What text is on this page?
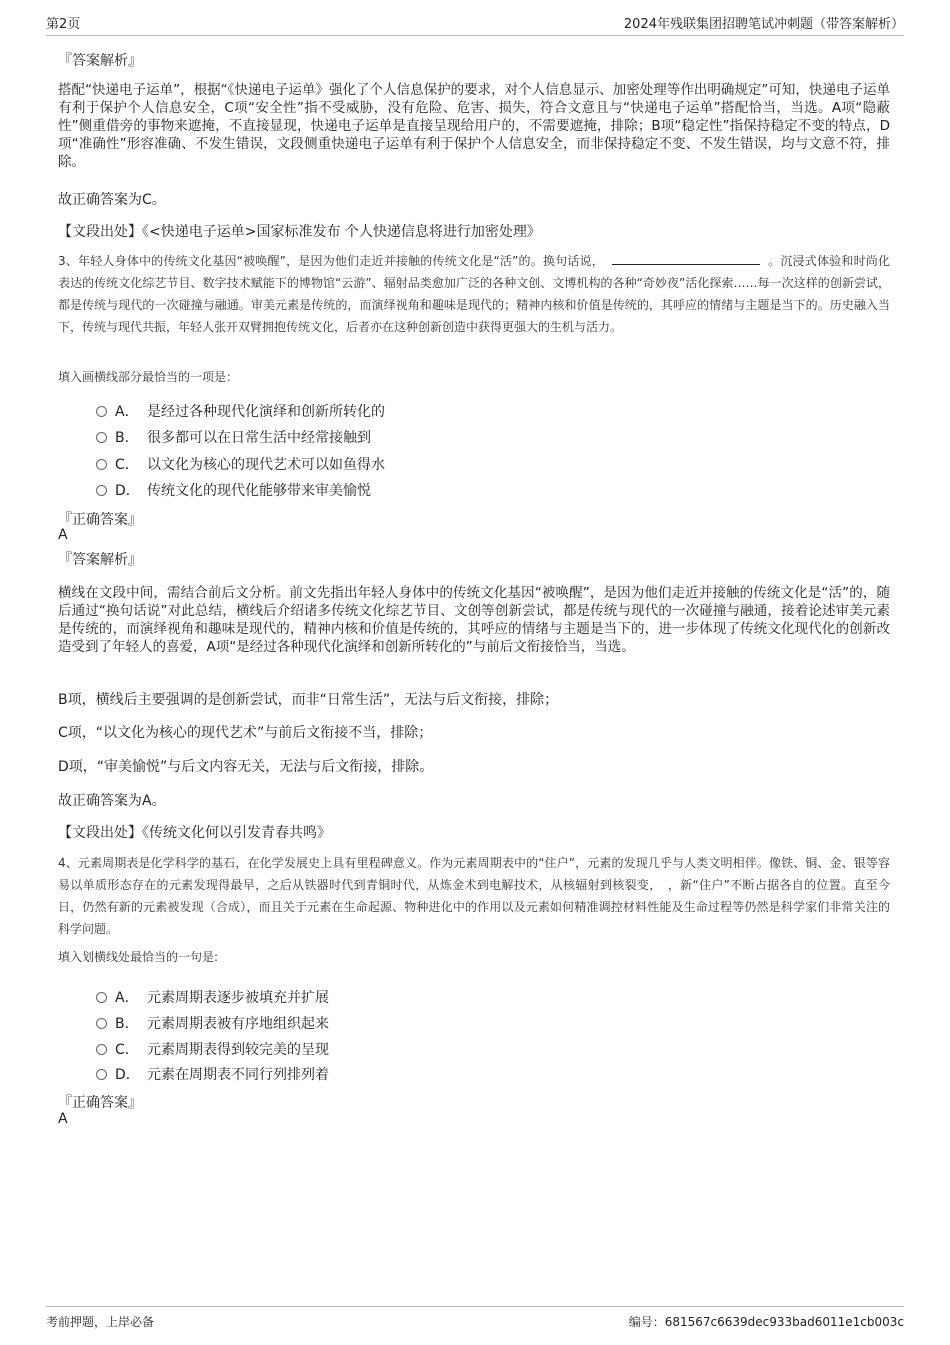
第2页	2024年残联集团招聘笔试冲刺题（带答案解析）
『答案解析』
搭配“快递电子运单”，根据“《快递电子运单》强化了个人信息保护的要求，对个人信息显示、加密处理等作出明确规定”可知，快递电子运单有利于保护个人信息安全，C项“安全性”指不受威胁，没有危险、危害、损失，符合文意且与“快递电子运单”搭配恰当，当选。A项“隐蔽性”侧重借旁的事物来遮掩，不直接显现，快递电子运单是直接呈现给用户的，不需要遮掩，排除；B项“稳定性”指保持稳定不变的特点，D项“准确性”形容准确、不发生错误，文段侧重快递电子运单有利于保护个人信息安全，而非保持稳定不变、不发生错误，均与文意不符，排除。
故正确答案为C。
【文段出处】《<快递电子运单>国家标准发布 个人快递信息将进行加密处理》
3、年轻人身体中的传统文化基因“被唤醒”，是因为他们走近并接触的传统文化是“活”的。换句话说，	。沉浸式体验和时尚化表达的传统文化综艺节目、数字技术赋能下的博物馆“云游”、辐射品类愈加广泛的各种文创、文博机构的各种“奇妙夜”活化探索……每一次这样的创新尝试，都是传统与现代的一次碰撞与融通。审美元素是传统的，而演绎视角和趣味是现代的；精神内核和价值是传统的，其呼应的情绪与主题是当下的。历史融入当下，传统与现代共振，年轻人张开双臂拥抱传统文化，后者亦在这种创新创造中获得更强大的生机与活力。
填入画横线部分最恰当的一项是：
A． 是经过各种现代化演绎和创新所转化的
B． 很多都可以在日常生活中经常接触到
C． 以文化为核心的现代艺术可以如鱼得水
D． 传统文化的现代化能够带来审美愉悦
『正确答案』
A
『答案解析』
横线在文段中间，需结合前后文分析。前文先指出年轻人身体中的传统文化基因“被唤醒”，是因为他们走近并接触的传统文化是“活”的，随后通过“换句话说”对此总结，横线后介绍诸多传统文化综艺节目、文创等创新尝试，都是传统与现代的一次碰撞与融通，接着论述审美元素是传统的，而演绎视角和趣味是现代的，精神内核和价值是传统的，其呼应的情绪与主题是当下的，进一步体现了传统文化现代化的创新改造受到了年轻人的喜爱，A项“是经过各种现代化演绎和创新所转化的”与前后文衔接恰当，当选。
B项，横线后主要强调的是创新尝试，而非“日常生活”，无法与后文衔接，排除；
C项，“以文化为核心的现代艺术”与前后文衔接不当，排除；
D项，“审美愉悦”与后文内容无关，无法与后文衔接，排除。
故正确答案为A。
【文段出处】《传统文化何以引发青春共鸣》
4、元素周期表是化学科学的基石，在化学发展史上具有里程碑意义。作为元素周期表中的“住户”，元素的发现几乎与人类文明相伴。像铁、铜、金、银等容易以单质形态存在的元素发现得最早，之后从铁器时代到青铜时代，从炼金术到电解技术，从核辐射到核裂变，　，新“住户”不断占据各自的位置。直至今日，仍然有新的元素被发现（合成），而且关于元素在生命起源、物种进化中的作用以及元素如何精准调控材料性能及生命过程等仍然是科学家们非常关注的科学问题。
填入划横线处最恰当的一句是:
A． 元素周期表逐步被填充并扩展
B． 元素周期表被有序地组织起来
C． 元素周期表得到较完美的呈现
D． 元素在周期表不同行列排列着
『正确答案』
A
考前押题，上岸必备	编号：681567c6639dec933bad6011e1cb003c
